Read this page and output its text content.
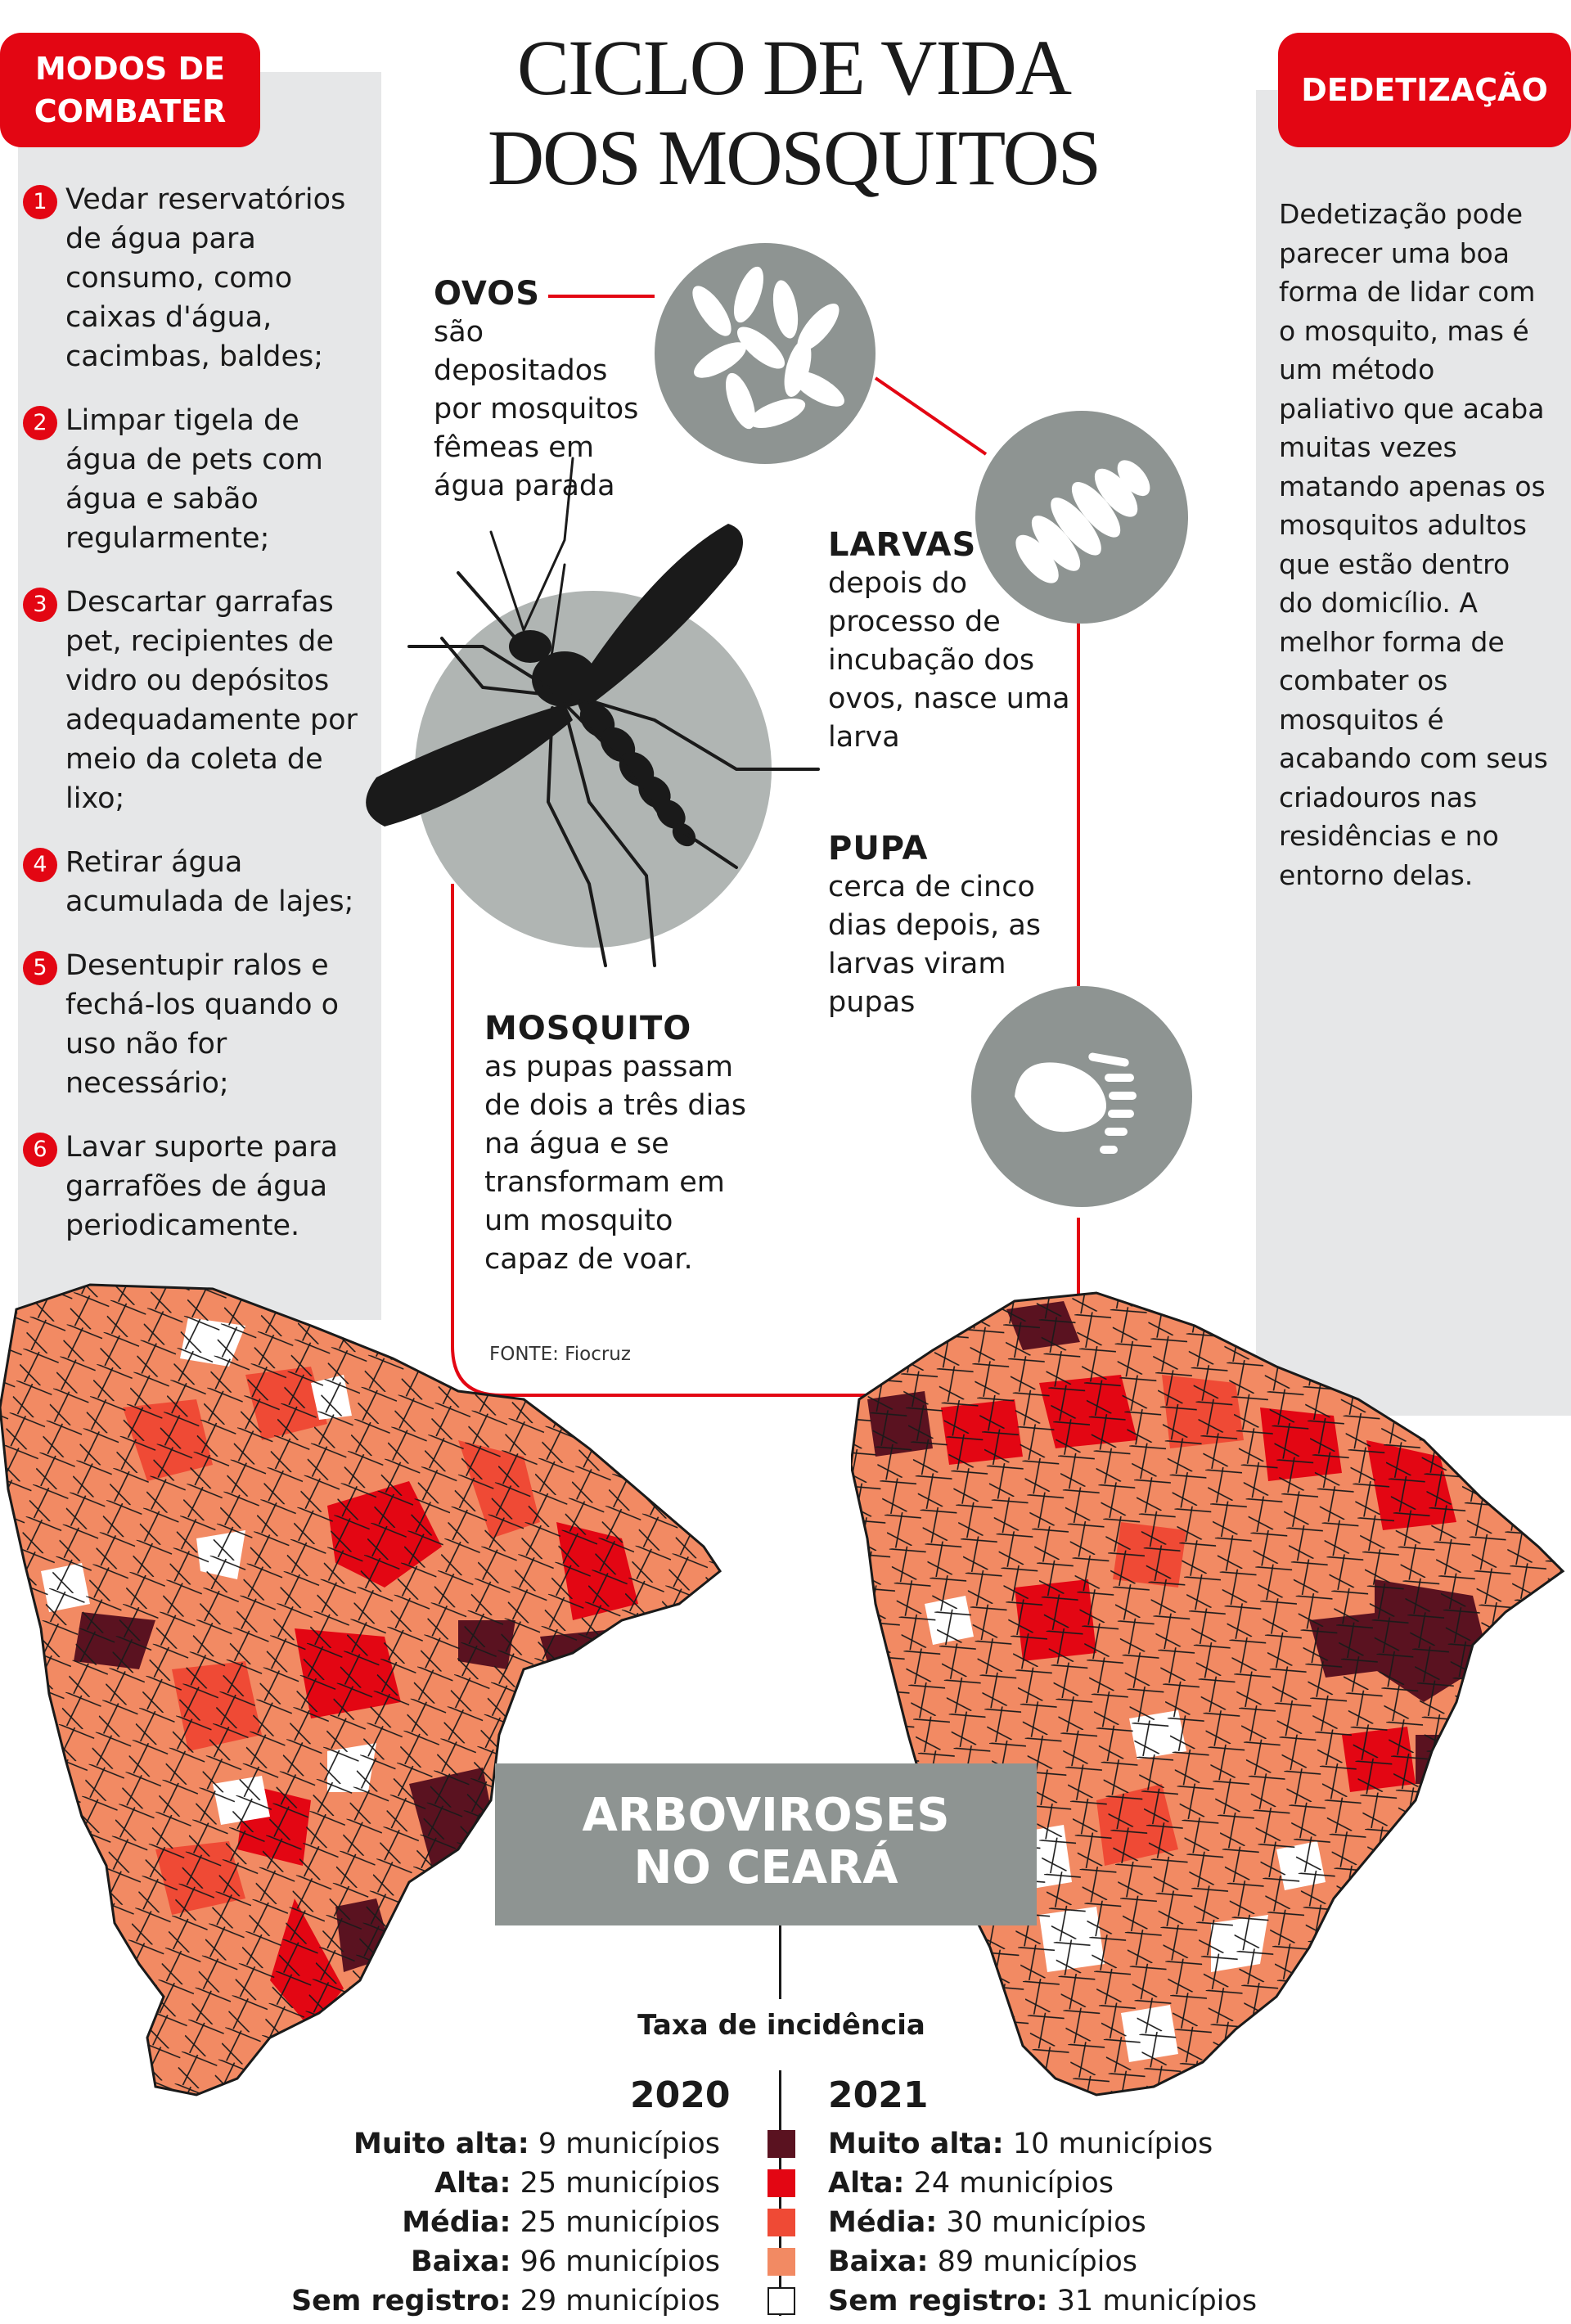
MODOS DE
COMBATER
1 Vedar reservatórios de água para consumo, como caixas d'água, cacimbas, baldes;
2 Limpar tigela de água de pets com água e sabão regularmente;
3 Descartar garrafas pet, recipientes de vidro ou depósitos adequadamente por meio da coleta de lixo;
4 Retirar água acumulada de lajes;
5 Desentupir ralos e fechá-los quando o uso não for necessário;
6 Lavar suporte para garrafões de água periodicamente.
DEDETIZAÇÃO
Dedetização pode parecer uma boa forma de lidar com o mosquito, mas é um método paliativo que acaba muitas vezes matando apenas os mosquitos adultos que estão dentro do domicílio. A melhor forma de combater os mosquitos é acabando com seus criadouros nas residências e no entorno delas.
CICLO DE VIDA
DOS MOSQUITOS
OVOS
são depositados por mosquitos fêmeas em água parada
LARVAS
depois do processo de incubação dos ovos, nasce uma larva
PUPA
cerca de cinco dias depois, as larvas viram pupas
MOSQUITO
as pupas passam de dois a três dias na água e se transformam em um mosquito capaz de voar.
FONTE: Fiocruz
ARBOVIROSES
NO CEARÁ
Taxa de incidência
2020	2021
Muito alta: 9 municípios
Alta: 25 municípios
Média: 25 municípios
Baixa: 96 municípios
Sem registro: 29 municípios
Muito alta: 10 municípios
Alta: 24 municípios
Média: 30 municípios
Baixa: 89 municípios
Sem registro: 31 municípios
